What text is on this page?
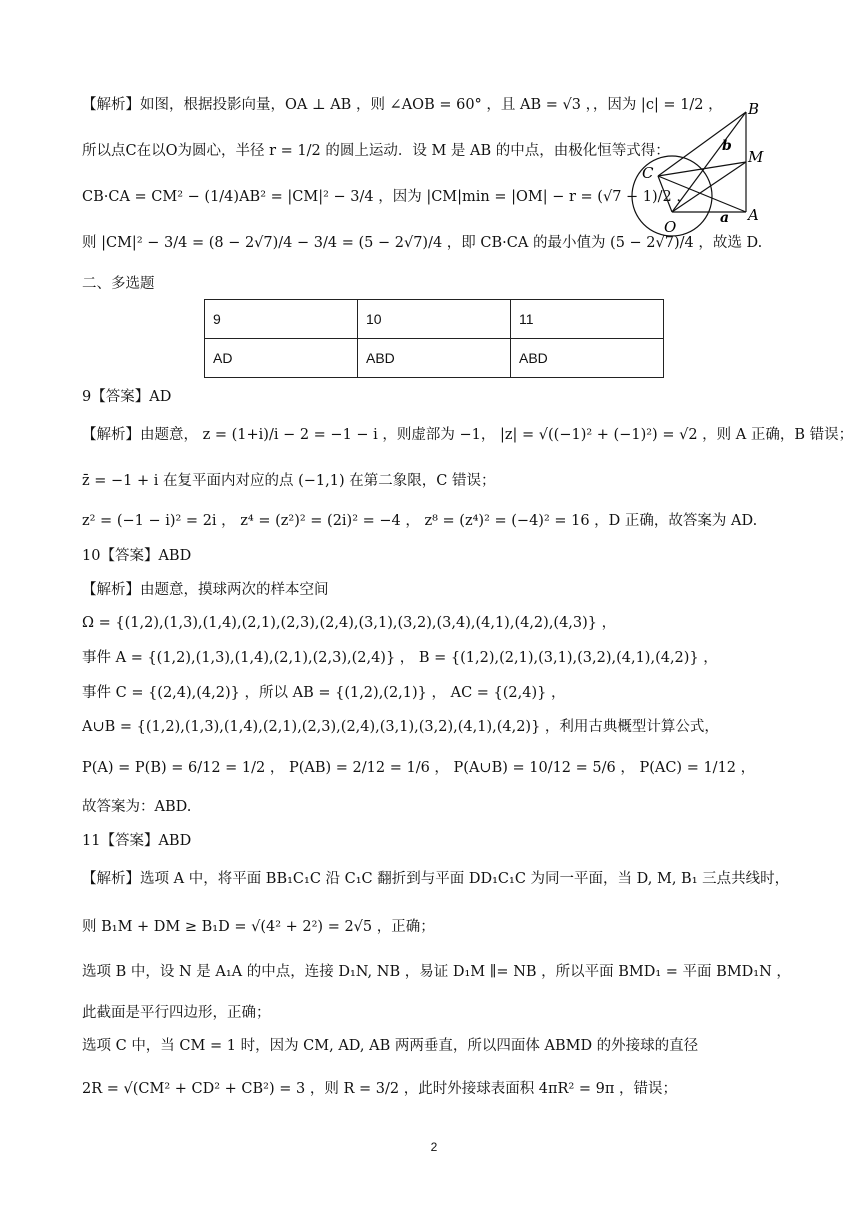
【解析】如图，根据投影向量，OA ⊥ AB ，则 ∠AOB = 60° ，且 AB = √3 ，，因为 |c| = 1/2 ，
所以点C在以O为圆心，半径 r = 1/2 的圆上运动．设 M 是 AB 的中点，由极化恒等式得：
CB·CA = CM² − (1/4)AB² = |CM|² − 3/4 ，因为 |CM|min = |OM| − r = (√7 − 1)/2 ，
则 |CM|² − 3/4 = (8 − 2√7)/4 − 3/4 = (5 − 2√7)/4 ，即 CB·CA 的最小值为 (5 − 2√7)/4 ，故选 D.
B
b
M
C
a A
O
二、多选题
9	10	11
AD	ABD	ABD
9【答案】AD
【解析】由题意， z = (1+i)/i − 2 = −1 − i ，则虚部为 −1， |z| = √((−1)² + (−1)²) = √2 ，则 A 正确，B 错误；
z̄ = −1 + i 在复平面内对应的点 (−1,1) 在第二象限，C 错误；
z² = (−1 − i)² = 2i ， z⁴ = (z²)² = (2i)² = −4 ， z⁸ = (z⁴)² = (−4)² = 16 ，D 正确，故答案为 AD.
10【答案】ABD
【解析】由题意，摸球两次的样本空间
Ω = {(1,2),(1,3),(1,4),(2,1),(2,3),(2,4),(3,1),(3,2),(3,4),(4,1),(4,2),(4,3)} ，
事件 A = {(1,2),(1,3),(1,4),(2,1),(2,3),(2,4)} ， B = {(1,2),(2,1),(3,1),(3,2),(4,1),(4,2)} ，
事件 C = {(2,4),(4,2)} ，所以 AB = {(1,2),(2,1)} ， AC = {(2,4)} ，
A∪B = {(1,2),(1,3),(1,4),(2,1),(2,3),(2,4),(3,1),(3,2),(4,1),(4,2)} ，利用古典概型计算公式，
P(A) = P(B) = 6/12 = 1/2 ， P(AB) = 2/12 = 1/6 ， P(A∪B) = 10/12 = 5/6 ， P(AC) = 1/12 ，
故答案为：ABD.
11【答案】ABD
【解析】选项 A 中，将平面 BB₁C₁C 沿 C₁C 翻折到与平面 DD₁C₁C 为同一平面，当 D, M, B₁ 三点共线时，
则 B₁M + DM ≥ B₁D = √(4² + 2²) = 2√5 ，正确；
选项 B 中，设 N 是 A₁A 的中点，连接 D₁N, NB ，易证 D₁M ∥= NB ，所以平面 BMD₁ = 平面 BMD₁N ，
此截面是平行四边形，正确；
选项 C 中，当 CM = 1 时，因为 CM, AD, AB 两两垂直，所以四面体 ABMD 的外接球的直径
2R = √(CM² + CD² + CB²) = 3 ，则 R = 3/2 ，此时外接球表面积 4πR² = 9π ，错误；
2
